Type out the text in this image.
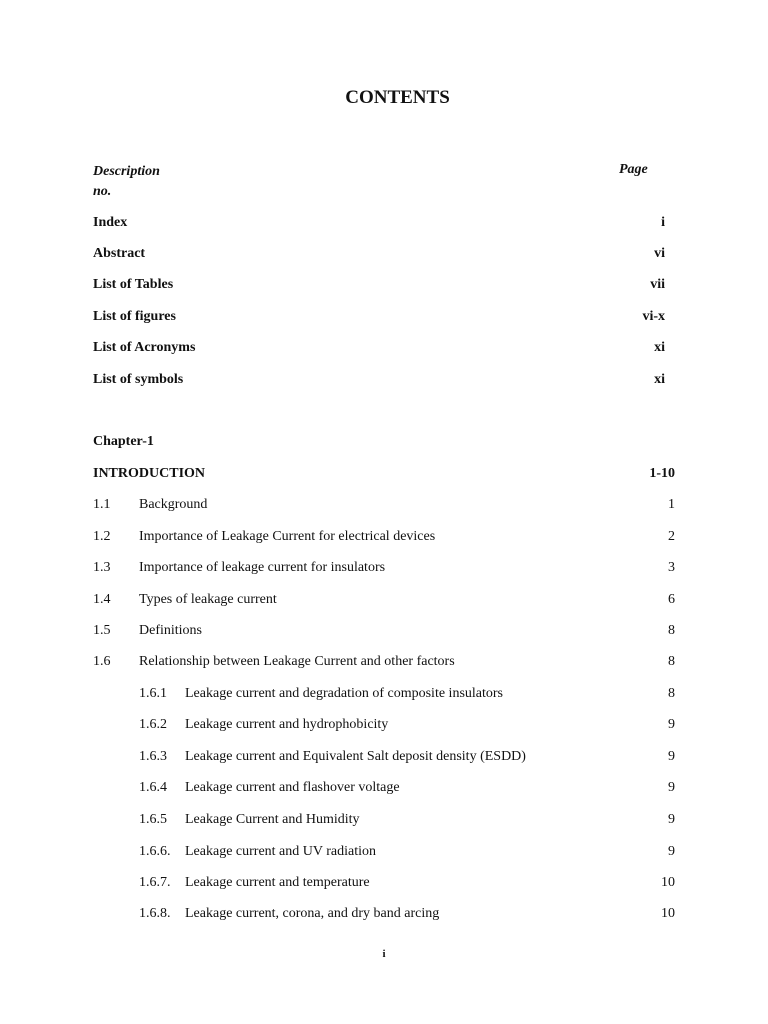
CONTENTS
Description
no.
Page
Index	i
Abstract	vi
List of Tables	vii
List of figures	vi-x
List of Acronyms	xi
List of symbols	xi
Chapter-1
INTRODUCTION	1-10
1.1 Background	1
1.2 Importance of Leakage Current for electrical devices	2
1.3 Importance of leakage current for insulators	3
1.4 Types of leakage current	6
1.5 Definitions	8
1.6 Relationship between Leakage Current and other factors	8
1.6.1 Leakage current and degradation of composite insulators	8
1.6.2 Leakage current and hydrophobicity	9
1.6.3 Leakage current and Equivalent Salt deposit density (ESDD)	9
1.6.4 Leakage current and flashover voltage	9
1.6.5 Leakage Current and Humidity	9
1.6.6. Leakage current and UV radiation	9
1.6.7. Leakage current and temperature	10
1.6.8. Leakage current, corona, and dry band arcing	10
i
